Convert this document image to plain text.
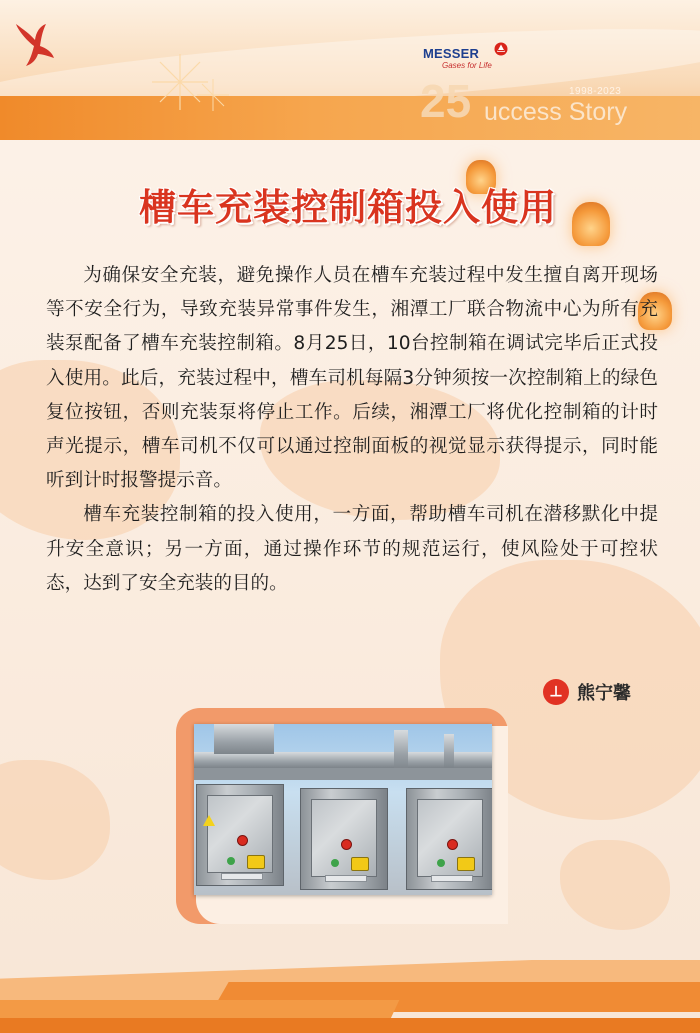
MESSER
Gases for Life
25 uccess Story
1998-2023
槽车充装控制箱投入使用

为确保安全充装，避免操作人员在槽车充装过程中发生擅自离开现场等不安全行为，导致充装异常事件发生，湘潭工厂联合物流中心为所有充装泵配备了槽车充装控制箱。8月25日，10台控制箱在调试完毕后正式投入使用。此后，充装过程中，槽车司机每隔3分钟须按一次控制箱上的绿色复位按钮，否则充装泵将停止工作。后续，湘潭工厂将优化控制箱的计时声光提示，槽车司机不仅可以通过控制面板的视觉显示获得提示，同时能听到计时报警提示音。

槽车充装控制箱的投入使用，一方面，帮助槽车司机在潜移默化中提升安全意识；另一方面，通过操作环节的规范运行，使风险处于可控状态，达到了安全充装的目的。

⊥ 熊宁馨
